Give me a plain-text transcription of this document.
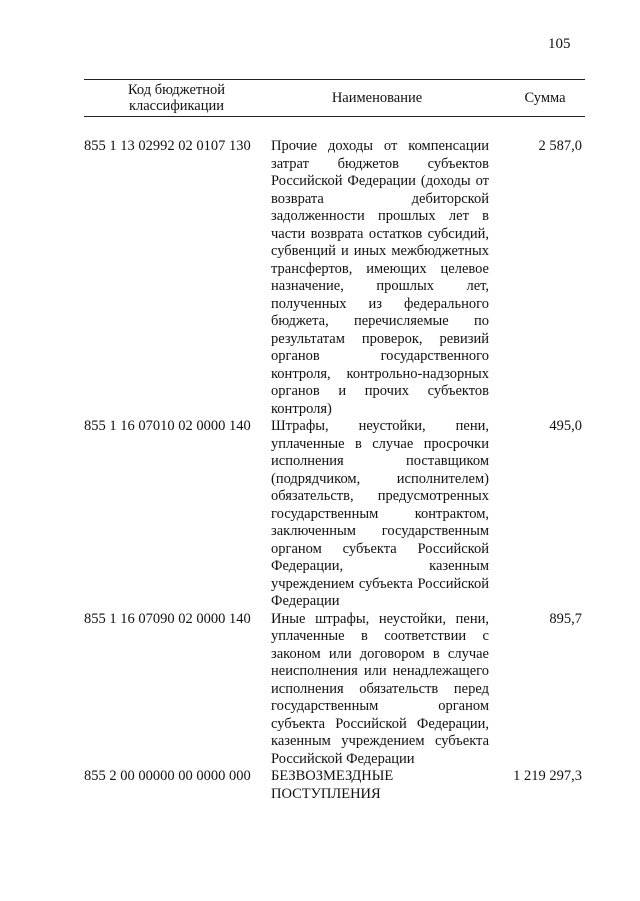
105
Код бюджетной классификации	Наименование	Сумма
855 1 13 02992 02 0107 130 Прочие доходы от компенсации затрат бюджетов субъектов Российской Федерации (доходы от возврата дебиторской задолженности прошлых лет в части возврата остатков субсидий, субвенций и иных межбюджетных трансфертов, имеющих целевое назначение, прошлых лет, полученных из федерального бюджета, перечисляемые по результатам проверок, ревизий органов государственного контроля, контрольно-надзорных органов и прочих субъектов контроля)
2 587,0
855 1 16 07010 02 0000 140 Штрафы, неустойки, пени, уплаченные в случае просрочки исполнения поставщиком (подрядчиком, исполнителем) обязательств, предусмотренных государственным контрактом, заключенным государственным органом субъекта Российской Федерации, казенным учреждением субъекта Российской Федерации
495,0
855 1 16 07090 02 0000 140 Иные штрафы, неустойки, пени, уплаченные в соответствии с законом или договором в случае неисполнения или ненадлежащего исполнения обязательств перед государственным органом субъекта Российской Федерации, казенным учреждением субъекта Российской Федерации
895,7
855 2 00 00000 00 0000 000 БЕЗВОЗМЕЗДНЫЕ ПОСТУПЛЕНИЯ
1 219 297,3
